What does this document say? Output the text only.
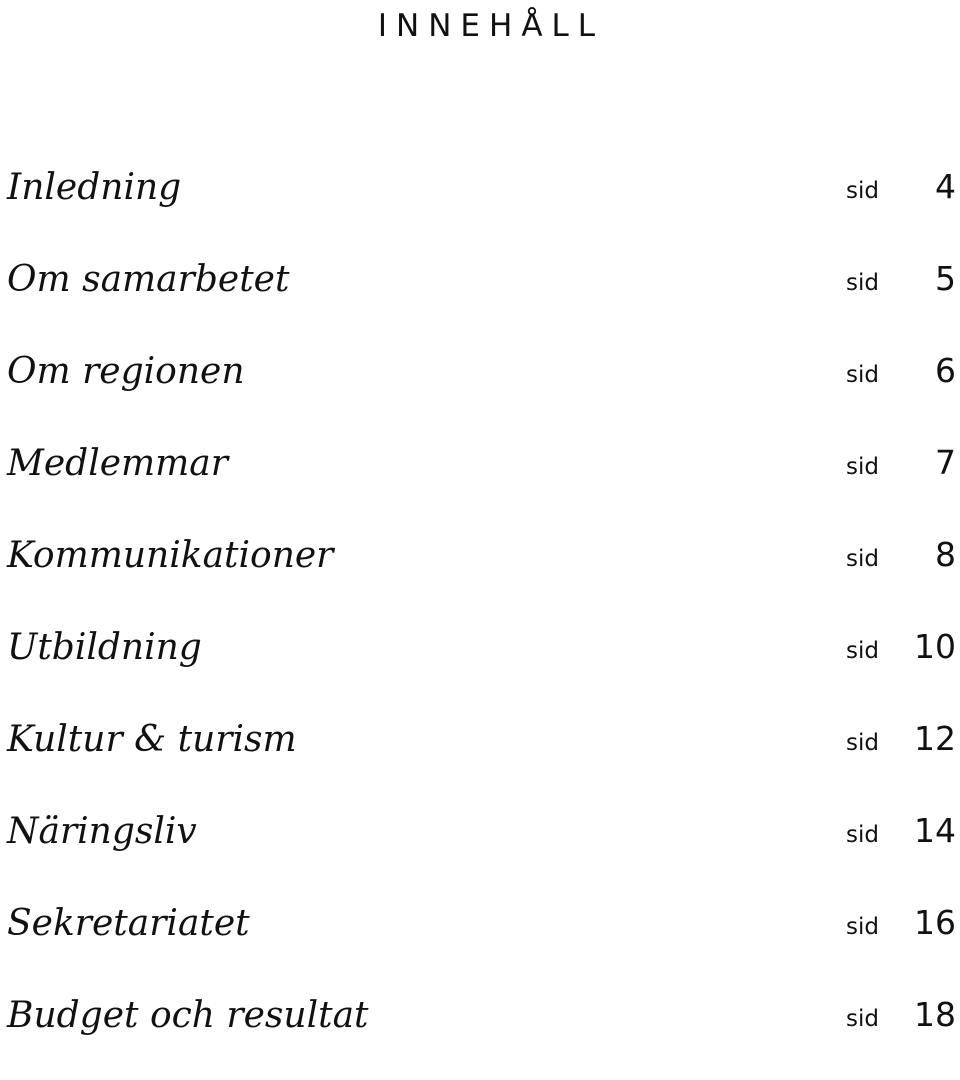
INNEHÅLL
Inledning	sid 4
Om samarbetet	sid 5
Om regionen	sid 6
Medlemmar	sid 7
Kommunikationer	sid 8
Utbildning	sid 10
Kultur & turism	sid 12
Näringsliv	sid 14
Sekretariatet	sid 16
Budget och resultat	sid 18
